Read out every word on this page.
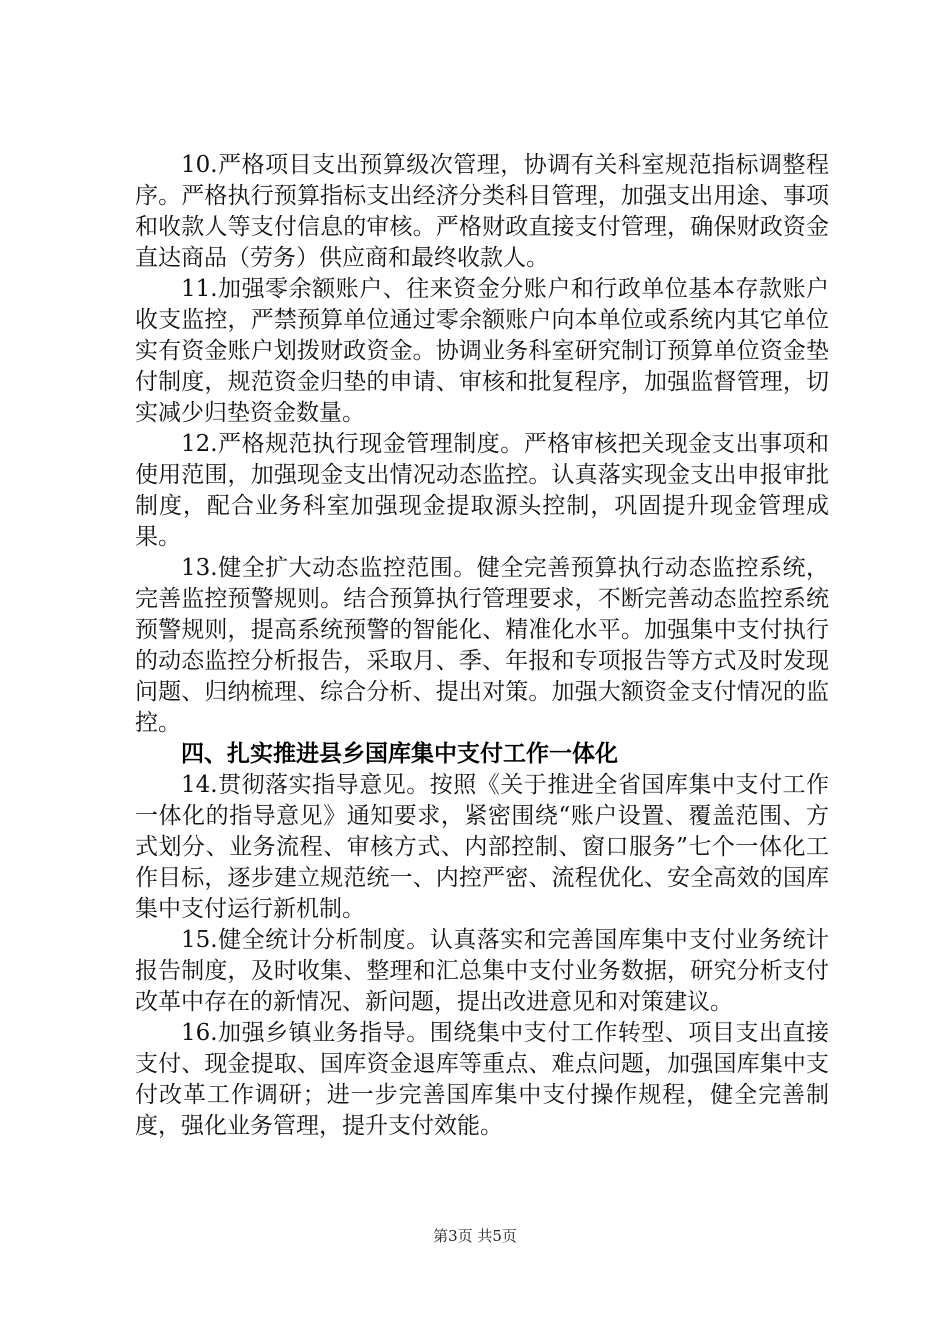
10.严格项目支出预算级次管理，协调有关科室规范指标调整程序。严格执行预算指标支出经济分类科目管理，加强支出用途、事项和收款人等支付信息的审核。严格财政直接支付管理，确保财政资金直达商品（劳务）供应商和最终收款人。

11.加强零余额账户、往来资金分账户和行政单位基本存款账户收支监控，严禁预算单位通过零余额账户向本单位或系统内其它单位实有资金账户划拨财政资金。协调业务科室研究制订预算单位资金垫付制度，规范资金归垫的申请、审核和批复程序，加强监督管理，切实减少归垫资金数量。

12.严格规范执行现金管理制度。严格审核把关现金支出事项和使用范围，加强现金支出情况动态监控。认真落实现金支出申报审批制度，配合业务科室加强现金提取源头控制，巩固提升现金管理成果。

13.健全扩大动态监控范围。健全完善预算执行动态监控系统，完善监控预警规则。结合预算执行管理要求，不断完善动态监控系统预警规则，提高系统预警的智能化、精准化水平。加强集中支付执行的动态监控分析报告，采取月、季、年报和专项报告等方式及时发现问题、归纳梳理、综合分析、提出对策。加强大额资金支付情况的监控。

四、扎实推进县乡国库集中支付工作一体化

14.贯彻落实指导意见。按照《关于推进全省国库集中支付工作一体化的指导意见》通知要求，紧密围绕“账户设置、覆盖范围、方式划分、业务流程、审核方式、内部控制、窗口服务”七个一体化工作目标，逐步建立规范统一、内控严密、流程优化、安全高效的国库集中支付运行新机制。

15.健全统计分析制度。认真落实和完善国库集中支付业务统计报告制度，及时收集、整理和汇总集中支付业务数据，研究分析支付改革中存在的新情况、新问题，提出改进意见和对策建议。

16.加强乡镇业务指导。围绕集中支付工作转型、项目支出直接支付、现金提取、国库资金退库等重点、难点问题，加强国库集中支付改革工作调研；进一步完善国库集中支付操作规程，健全完善制度，强化业务管理，提升支付效能。

第3页 共5页
